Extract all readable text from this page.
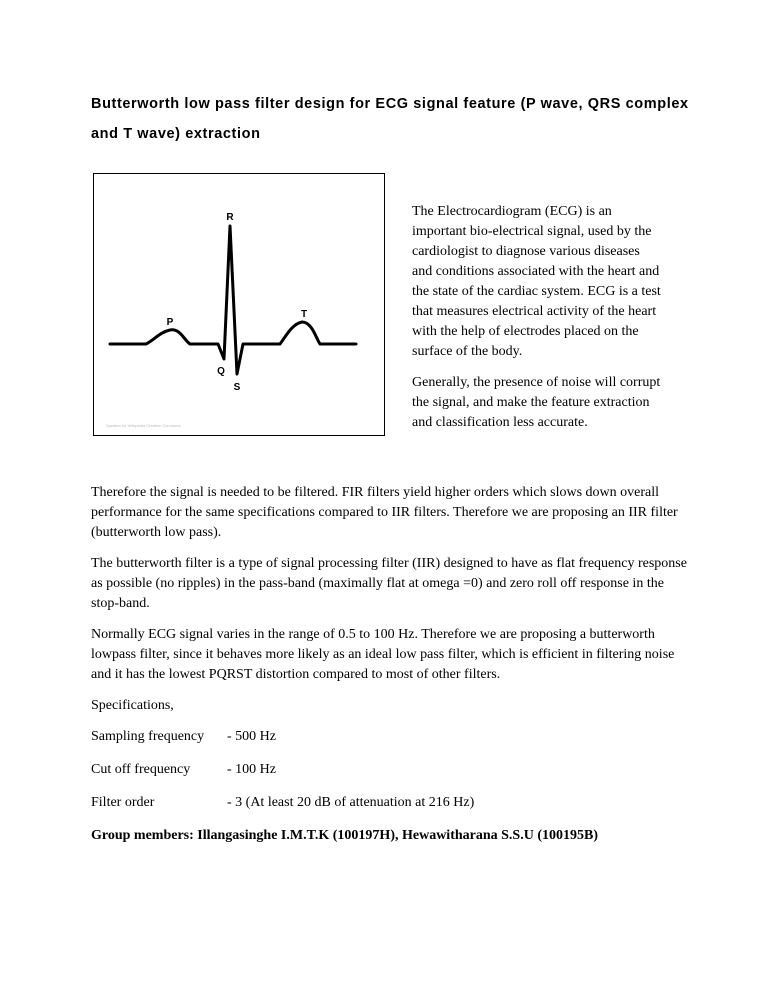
Butterworth low pass filter design for ECG signal feature (P wave, QRS complex and T wave) extraction
P
Q
R
S
T
Speaker for Wikipedia Creative Commons

The Electrocardiogram (ECG) is an important bio-electrical signal, used by the cardiologist to diagnose various diseases and conditions associated with the heart and the state of the cardiac system. ECG is a test that measures electrical activity of the heart with the help of electrodes placed on the surface of the body.

Generally, the presence of noise will corrupt the signal, and make the feature extraction and classification less accurate.

Therefore the signal is needed to be filtered. FIR filters yield higher orders which slows down overall performance for the same specifications compared to IIR filters. Therefore we are proposing an IIR filter (butterworth low pass).

The butterworth filter is a type of signal processing filter (IIR) designed to have as flat frequency response as possible (no ripples) in the pass-band (maximally flat at omega =0) and zero roll off response in the stop-band.

Normally ECG signal varies in the range of 0.5 to 100 Hz. Therefore we are proposing a butterworth lowpass filter, since it behaves more likely as an ideal low pass filter, which is efficient in filtering noise and it has the lowest PQRST distortion compared to most of other filters.

Specifications,

Sampling frequency	- 500 Hz
Cut off frequency	- 100 Hz
Filter order	- 3 (At least 20 dB of attenuation at 216 Hz)

Group members: Illangasinghe I.M.T.K (100197H), Hewawitharana S.S.U (100195B)
